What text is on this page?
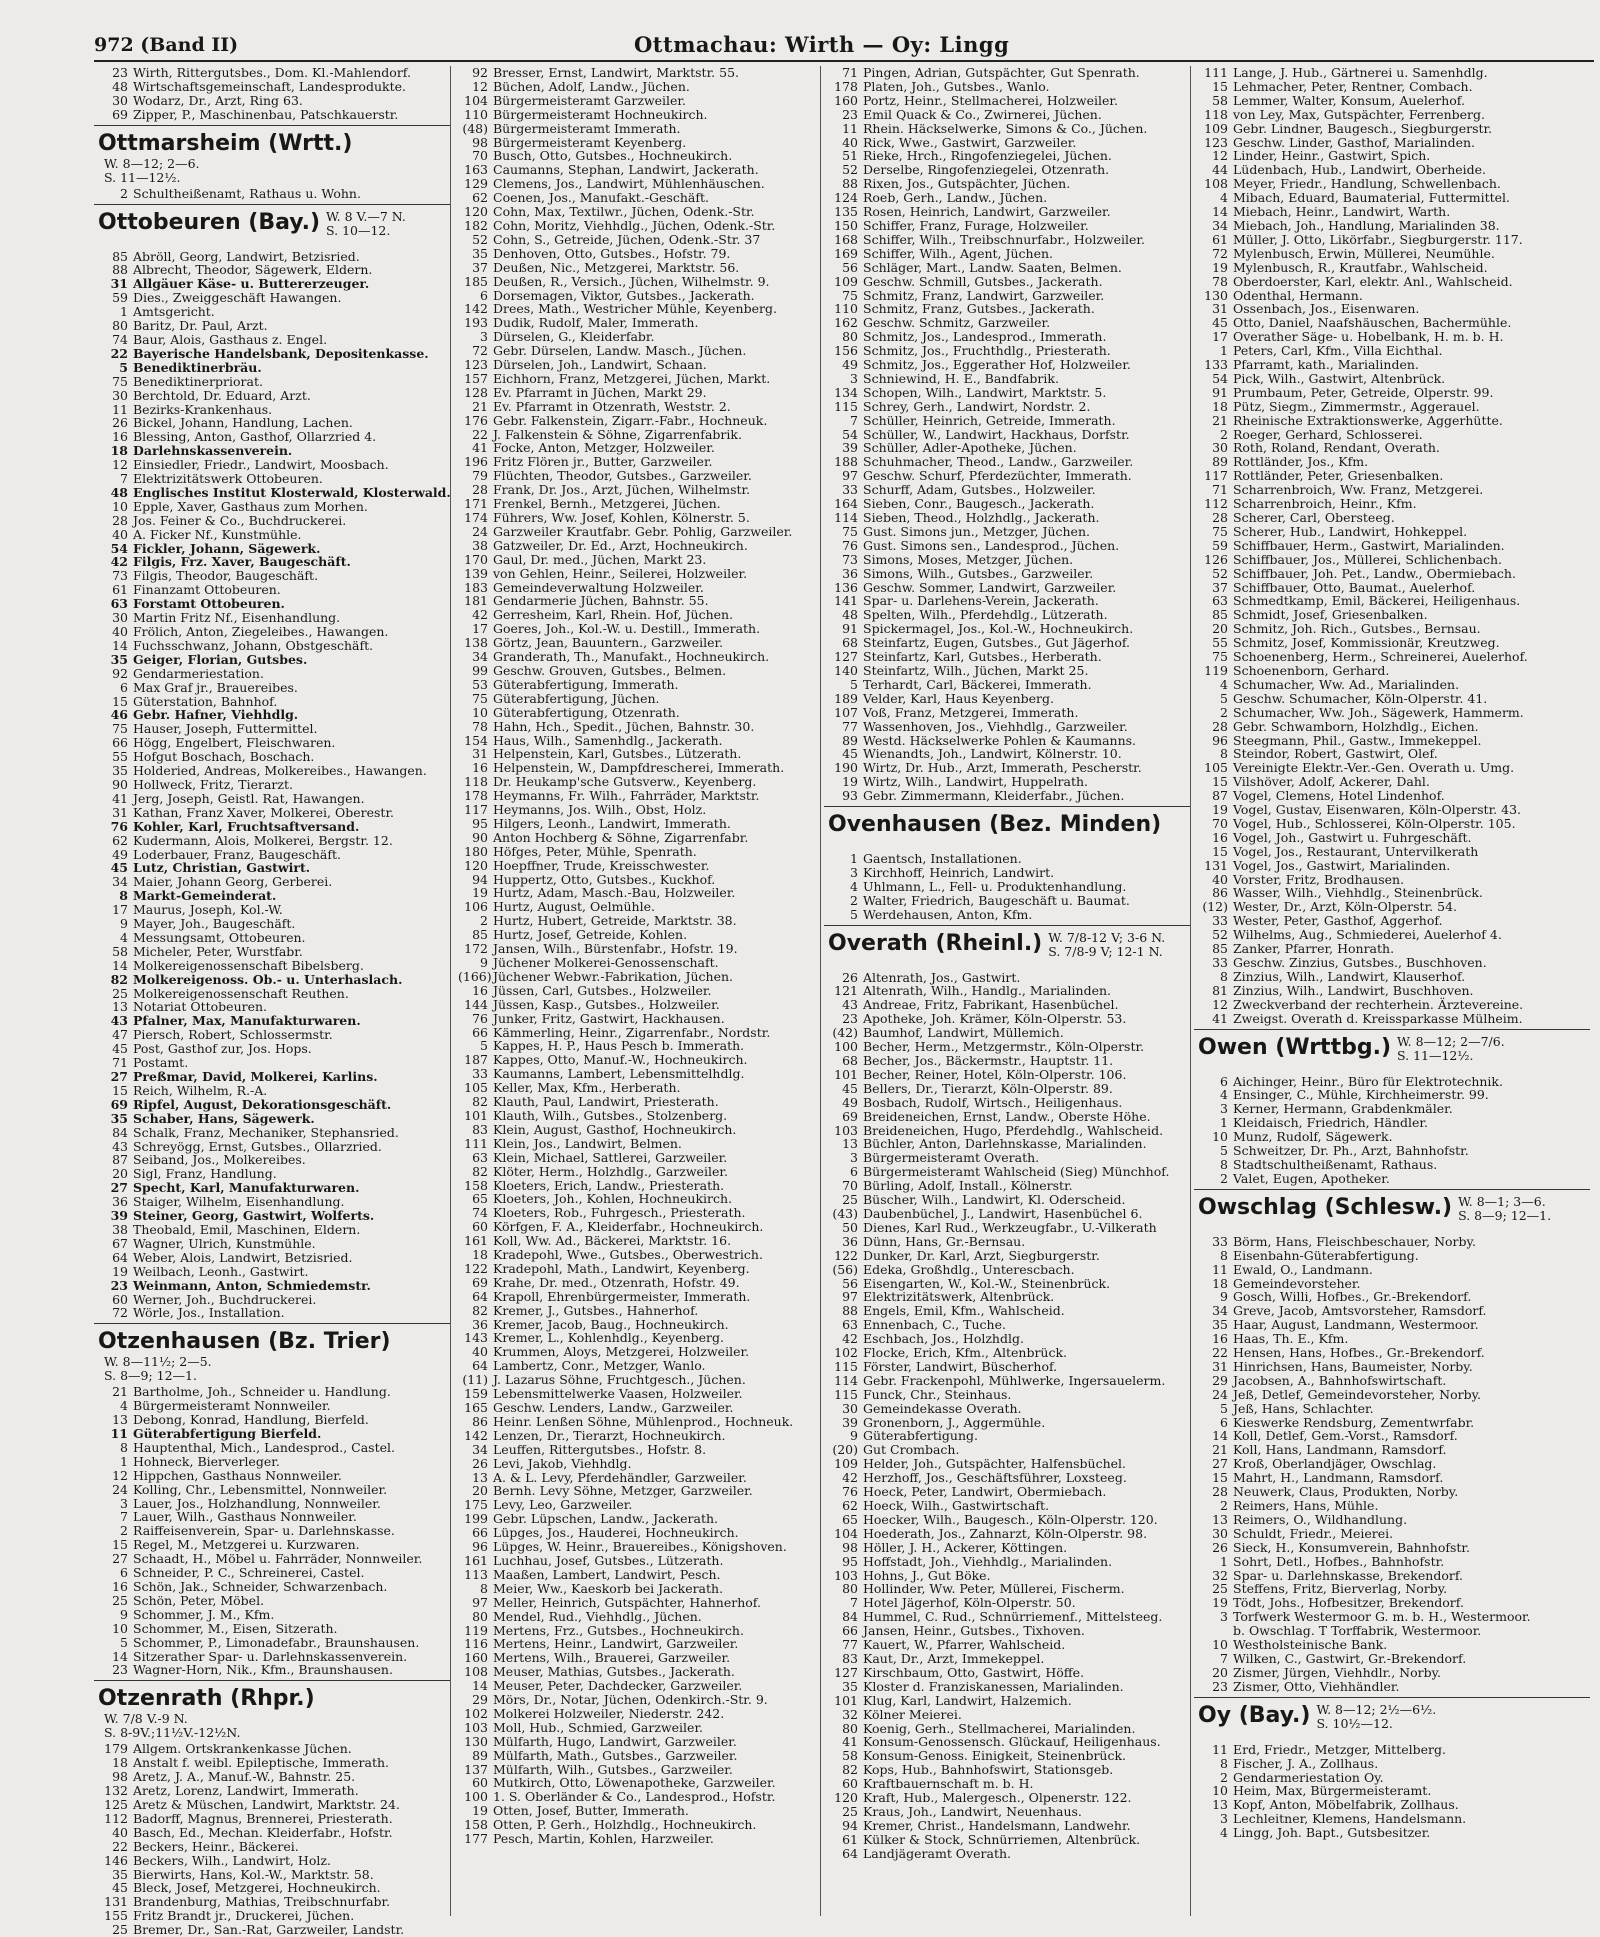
972 (Band II)	Ottmachau: Wirth — Oy: Lingg
23 Wirth, Rittergutsbes., Dom. Kl.-Mahlendorf.
48 Wirtschaftsgemeinschaft, Landesprodukte.
30 Wodarz, Dr., Arzt, Ring 63.
69 Zipper, P., Maschinenbau, Patschkauerstr.
Ottmarsheim (Wrtt.)
W. 8—12; 2—6.
S. 11—12½.
2 Schultheißenamt, Rathaus u. Wohn.
Ottobeuren (Bay.) W. 8 V.—7 N.
S. 10—12.
85 Abröll, Georg, Landwirt, Betzisried.
88 Albrecht, Theodor, Sägewerk, Eldern.
31 Allgäuer Käse- u. Buttererzeuger.
59 Dies., Zweiggeschäft Hawangen.
1 Amtsgericht.
80 Baritz, Dr. Paul, Arzt.
74 Baur, Alois, Gasthaus z. Engel.
22 Bayerische Handelsbank, Depositenkasse.
5 Benediktinerbräu.
75 Benediktinerpriorat.
30 Berchtold, Dr. Eduard, Arzt.
11 Bezirks-Krankenhaus.
26 Bickel, Johann, Handlung, Lachen.
16 Blessing, Anton, Gasthof, Ollarzried 4.
18 Darlehnskassenverein.
12 Einsiedler, Friedr., Landwirt, Moosbach.
7 Elektrizitätswerk Ottobeuren.
48 Englisches Institut Klosterwald, Klosterwald.
10 Epple, Xaver, Gasthaus zum Morhen.
28 Jos. Feiner & Co., Buchdruckerei.
40 A. Ficker Nf., Kunstmühle.
54 Fickler, Johann, Sägewerk.
42 Filgis, Frz. Xaver, Baugeschäft.
73 Filgis, Theodor, Baugeschäft.
61 Finanzamt Ottobeuren.
63 Forstamt Ottobeuren.
30 Martin Fritz Nf., Eisenhandlung.
40 Frölich, Anton, Ziegeleibes., Hawangen.
14 Fuchsschwanz, Johann, Obstgeschäft.
35 Geiger, Florian, Gutsbes.
92 Gendarmeriestation.
6 Max Graf jr., Brauereibes.
15 Güterstation, Bahnhof.
46 Gebr. Hafner, Viehhdlg.
75 Hauser, Joseph, Futtermittel.
66 Högg, Engelbert, Fleischwaren.
55 Hofgut Boschach, Boschach.
35 Holderied, Andreas, Molkereibes., Hawangen.
90 Hollweck, Fritz, Tierarzt.
41 Jerg, Joseph, Geistl. Rat, Hawangen.
31 Kathan, Franz Xaver, Molkerei, Oberestr.
76 Kohler, Karl, Fruchtsaftversand.
62 Kudermann, Alois, Molkerei, Bergstr. 12.
49 Loderbauer, Franz, Baugeschäft.
45 Lutz, Christian, Gastwirt.
34 Maier, Johann Georg, Gerberei.
8 Markt-Gemeinderat.
17 Maurus, Joseph, Kol.-W.
9 Mayer, Joh., Baugeschäft.
4 Messungsamt, Ottobeuren.
58 Micheler, Peter, Wurstfabr.
14 Molkereigenossenschaft Bibelsberg.
82 Molkereigenoss. Ob.- u. Unterhaslach.
25 Molkereigenossenschaft Reuthen.
13 Notariat Ottobeuren.
43 Pfalner, Max, Manufakturwaren.
47 Piersch, Robert, Schlossermstr.
45 Post, Gasthof zur, Jos. Hops.
71 Postamt.
27 Preßmar, David, Molkerei, Karlins.
15 Reich, Wilhelm, R.-A.
69 Ripfel, August, Dekorationsgeschäft.
35 Schaber, Hans, Sägewerk.
84 Schalk, Franz, Mechaniker, Stephansried.
43 Schreyögg, Ernst, Gutsbes., Ollarzried.
87 Seiband, Jos., Molkereibes.
20 Sigl, Franz, Handlung.
27 Specht, Karl, Manufakturwaren.
36 Staiger, Wilhelm, Eisenhandlung.
39 Steiner, Georg, Gastwirt, Wolferts.
38 Theobald, Emil, Maschinen, Eldern.
67 Wagner, Ulrich, Kunstmühle.
64 Weber, Alois, Landwirt, Betzisried.
19 Weilbach, Leonh., Gastwirt.
23 Weinmann, Anton, Schmiedemstr.
60 Werner, Joh., Buchdruckerei.
72 Wörle, Jos., Installation.
Otzenhausen (Bz. Trier)
W. 8—11½; 2—5.
S. 8—9; 12—1.
21 Bartholme, Joh., Schneider u. Handlung.
4 Bürgermeisteramt Nonnweiler.
13 Debong, Konrad, Handlung, Bierfeld.
11 Güterabfertigung Bierfeld.
8 Hauptenthal, Mich., Landesprod., Castel.
1 Hohneck, Bierverleger.
12 Hippchen, Gasthaus Nonnweiler.
24 Kolling, Chr., Lebensmittel, Nonnweiler.
3 Lauer, Jos., Holzhandlung, Nonnweiler.
7 Lauer, Wilh., Gasthaus Nonnweiler.
2 Raiffeisenverein, Spar- u. Darlehnskasse.
15 Regel, M., Metzgerei u. Kurzwaren.
27 Schaadt, H., Möbel u. Fahrräder, Nonnweiler.
6 Schneider, P. C., Schreinerei, Castel.
16 Schön, Jak., Schneider, Schwarzenbach.
25 Schön, Peter, Möbel.
9 Schommer, J. M., Kfm.
10 Schommer, M., Eisen, Sitzerath.
5 Schommer, P., Limonadefabr., Braunshausen.
14 Sitzerather Spar- u. Darlehnskassenverein.
23 Wagner-Horn, Nik., Kfm., Braunshausen.
Otzenrath (Rhpr.)
W. 7/8 V.-9 N.
S. 8-9V.;11½V.-12½N.
179 Allgem. Ortskrankenkasse Jüchen.
18 Anstalt f. weibl. Epileptische, Immerath.
98 Aretz, J. A., Manuf.-W., Bahnstr. 25.
132 Aretz, Lorenz, Landwirt, Immerath.
125 Aretz & Müschen, Landwirt, Marktstr. 24.
112 Badorff, Magnus, Brennerei, Priesterath.
40 Basch, Ed., Mechan. Kleiderfabr., Hofstr.
22 Beckers, Heinr., Bäckerei.
146 Beckers, Wilh., Landwirt, Holz.
35 Bierwirts, Hans, Kol.-W., Marktstr. 58.
45 Bleck, Josef, Metzgerei, Hochneukirch.
131 Brandenburg, Mathias, Treibschnurfabr.
155 Fritz Brandt jr., Druckerei, Jüchen.
25 Bremer, Dr., San.-Rat, Garzweiler, Landstr.
92 Bresser, Ernst, Landwirt, Marktstr. 55.
12 Büchen, Adolf, Landw., Jüchen.
104 Bürgermeisteramt Garzweiler.
110 Bürgermeisteramt Hochneukirch.
(48) Bürgermeisteramt Immerath.
98 Bürgermeisteramt Keyenberg.
70 Busch, Otto, Gutsbes., Hochneukirch.
163 Caumanns, Stephan, Landwirt, Jackerath.
129 Clemens, Jos., Landwirt, Mühlenhäuschen.
62 Coenen, Jos., Manufakt.-Geschäft.
120 Cohn, Max, Textilwr., Jüchen, Odenk.-Str.
182 Cohn, Moritz, Viehhdlg., Jüchen, Odenk.-Str.
52 Cohn, S., Getreide, Jüchen, Odenk.-Str. 37
35 Denhoven, Otto, Gutsbes., Hofstr. 79.
37 Deußen, Nic., Metzgerei, Marktstr. 56.
185 Deußen, R., Versich., Jüchen, Wilhelmstr. 9.
6 Dorsemagen, Viktor, Gutsbes., Jackerath.
142 Drees, Math., Westricher Mühle, Keyenberg.
193 Dudik, Rudolf, Maler, Immerath.
3 Dürselen, G., Kleiderfabr.
72 Gebr. Dürselen, Landw. Masch., Jüchen.
123 Dürselen, Joh., Landwirt, Schaan.
157 Eichhorn, Franz, Metzgerei, Jüchen, Markt.
128 Ev. Pfarramt in Jüchen, Markt 29.
21 Ev. Pfarramt in Otzenrath, Weststr. 2.
176 Gebr. Falkenstein, Zigarr.-Fabr., Hochneuk.
22 J. Falkenstein & Söhne, Zigarrenfabrik.
41 Focke, Anton, Metzger, Holzweiler.
196 Fritz Flören jr., Butter, Garzweiler.
79 Flüchten, Theodor, Gutsbes., Garzweiler.
28 Frank, Dr. Jos., Arzt, Jüchen, Wilhelmstr.
171 Frenkel, Bernh., Metzgerei, Jüchen.
174 Führers, Ww. Josef, Kohlen, Kölnerstr. 5.
24 Garzweiler Krautfabr. Gebr. Pohlig, Garzweiler.
38 Gatzweiler, Dr. Ed., Arzt, Hochneukirch.
170 Gaul, Dr. med., Jüchen, Markt 23.
139 von Gehlen, Heinr., Seilerei, Holzweiler.
183 Gemeindeverwaltung Holzweiler.
181 Gendarmerie Jüchen, Bahnstr. 55.
42 Gerresheim, Karl, Rhein. Hof, Jüchen.
17 Goeres, Joh., Kol.-W. u. Destill., Immerath.
138 Görtz, Jean, Bauuntern., Garzweiler.
34 Granderath, Th., Manufakt., Hochneukirch.
99 Geschw. Grouven, Gutsbes., Belmen.
53 Güterabfertigung, Immerath.
75 Güterabfertigung, Jüchen.
10 Güterabfertigung, Otzenrath.
78 Hahn, Hch., Spedit., Jüchen, Bahnstr. 30.
154 Haus, Wilh., Samenhdlg., Jackerath.
31 Helpenstein, Karl, Gutsbes., Lützerath.
16 Helpenstein, W., Dampfdrescherei, Immerath.
118 Dr. Heukamp'sche Gutsverw., Keyenberg.
178 Heymanns, Fr. Wilh., Fahrräder, Marktstr.
117 Heymanns, Jos. Wilh., Obst, Holz.
95 Hilgers, Leonh., Landwirt, Immerath.
90 Anton Hochberg & Söhne, Zigarrenfabr.
180 Höfges, Peter, Mühle, Spenrath.
120 Hoepffner, Trude, Kreisschwester.
94 Huppertz, Otto, Gutsbes., Kuckhof.
19 Hurtz, Adam, Masch.-Bau, Holzweiler.
106 Hurtz, August, Oelmühle.
2 Hurtz, Hubert, Getreide, Marktstr. 38.
85 Hurtz, Josef, Getreide, Kohlen.
172 Jansen, Wilh., Bürstenfabr., Hofstr. 19.
9 Jüchener Molkerei-Genossenschaft.
(166)Jüchener Webwr.-Fabrikation, Jüchen.
16 Jüssen, Carl, Gutsbes., Holzweiler.
144 Jüssen, Kasp., Gutsbes., Holzweiler.
76 Junker, Fritz, Gastwirt, Hackhausen.
66 Kämmerling, Heinr., Zigarrenfabr., Nordstr.
5 Kappes, H. P., Haus Pesch b. Immerath.
187 Kappes, Otto, Manuf.-W., Hochneukirch.
33 Kaumanns, Lambert, Lebensmittelhdlg.
105 Keller, Max, Kfm., Herberath.
82 Klauth, Paul, Landwirt, Priesterath.
101 Klauth, Wilh., Gutsbes., Stolzenberg.
83 Klein, August, Gasthof, Hochneukirch.
111 Klein, Jos., Landwirt, Belmen.
63 Klein, Michael, Sattlerei, Garzweiler.
82 Klöter, Herm., Holzhdlg., Garzweiler.
158 Kloeters, Erich, Landw., Priesterath.
65 Kloeters, Joh., Kohlen, Hochneukirch.
74 Kloeters, Rob., Fuhrgesch., Priesterath.
60 Körfgen, F. A., Kleiderfabr., Hochneukirch.
161 Koll, Ww. Ad., Bäckerei, Marktstr. 16.
18 Kradepohl, Wwe., Gutsbes., Oberwestrich.
122 Kradepohl, Math., Landwirt, Keyenberg.
69 Krahe, Dr. med., Otzenrath, Hofstr. 49.
64 Krapoll, Ehrenbürgermeister, Immerath.
82 Kremer, J., Gutsbes., Hahnerhof.
36 Kremer, Jacob, Baug., Hochneukirch.
143 Kremer, L., Kohlenhdlg., Keyenberg.
40 Krummen, Aloys, Metzgerei, Holzweiler.
64 Lambertz, Conr., Metzger, Wanlo.
(11) J. Lazarus Söhne, Fruchtgesch., Jüchen.
159 Lebensmittelwerke Vaasen, Holzweiler.
165 Geschw. Lenders, Landw., Garzweiler.
86 Heinr. Lenßen Söhne, Mühlenprod., Hochneuk.
142 Lenzen, Dr., Tierarzt, Hochneukirch.
34 Leuffen, Rittergutsbes., Hofstr. 8.
26 Levi, Jakob, Viehhdlg.
13 A. & L. Levy, Pferdehändler, Garzweiler.
20 Bernh. Levy Söhne, Metzger, Garzweiler.
175 Levy, Leo, Garzweiler.
199 Gebr. Lüpschen, Landw., Jackerath.
66 Lüpges, Jos., Hauderei, Hochneukirch.
96 Lüpges, W. Heinr., Brauereibes., Königshoven.
161 Luchhau, Josef, Gutsbes., Lützerath.
113 Maaßen, Lambert, Landwirt, Pesch.
8 Meier, Ww., Kaeskorb bei Jackerath.
97 Meller, Heinrich, Gutspächter, Hahnerhof.
80 Mendel, Rud., Viehhdlg., Jüchen.
119 Mertens, Frz., Gutsbes., Hochneukirch.
116 Mertens, Heinr., Landwirt, Garzweiler.
160 Mertens, Wilh., Brauerei, Garzweiler.
108 Meuser, Mathias, Gutsbes., Jackerath.
14 Meuser, Peter, Dachdecker, Garzweiler.
29 Mörs, Dr., Notar, Jüchen, Odenkirch.-Str. 9.
102 Molkerei Holzweiler, Niederstr. 242.
103 Moll, Hub., Schmied, Garzweiler.
130 Mülfarth, Hugo, Landwirt, Garzweiler.
89 Mülfarth, Math., Gutsbes., Garzweiler.
137 Mülfarth, Wilh., Gutsbes., Garzweiler.
60 Mutkirch, Otto, Löwenapotheke, Garzweiler.
100 1. S. Oberländer & Co., Landesprod., Hofstr.
19 Otten, Josef, Butter, Immerath.
158 Otten, P. Gerh., Holzhdlg., Hochneukirch.
177 Pesch, Martin, Kohlen, Harzweiler.
71 Pingen, Adrian, Gutspächter, Gut Spenrath.
178 Platen, Joh., Gutsbes., Wanlo.
160 Portz, Heinr., Stellmacherei, Holzweiler.
23 Emil Quack & Co., Zwirnerei, Jüchen.
11 Rhein. Häckselwerke, Simons & Co., Jüchen.
40 Rick, Wwe., Gastwirt, Garzweiler.
51 Rieke, Hrch., Ringofenziegelei, Jüchen.
52 Derselbe, Ringofenziegelei, Otzenrath.
88 Rixen, Jos., Gutspächter, Jüchen.
124 Roeb, Gerh., Landw., Jüchen.
135 Rosen, Heinrich, Landwirt, Garzweiler.
150 Schiffer, Franz, Furage, Holzweiler.
168 Schiffer, Wilh., Treibschnurfabr., Holzweiler.
169 Schiffer, Wilh., Agent, Jüchen.
56 Schläger, Mart., Landw. Saaten, Belmen.
109 Geschw. Schmill, Gutsbes., Jackerath.
75 Schmitz, Franz, Landwirt, Garzweiler.
110 Schmitz, Franz, Gutsbes., Jackerath.
162 Geschw. Schmitz, Garzweiler.
80 Schmitz, Jos., Landesprod., Immerath.
156 Schmitz, Jos., Fruchthdlg., Priesterath.
49 Schmitz, Jos., Eggerather Hof, Holzweiler.
3 Schniewind, H. E., Bandfabrik.
134 Schopen, Wilh., Landwirt, Marktstr. 5.
115 Schrey, Gerh., Landwirt, Nordstr. 2.
7 Schüller, Heinrich, Getreide, Immerath.
54 Schüller, W., Landwirt, Hackhaus, Dorfstr.
39 Schüller, Adler-Apotheke, Jüchen.
188 Schuhmacher, Theod., Landw., Garzweiler.
97 Geschw. Schurf, Pferdezüchter, Immerath.
33 Schurff, Adam, Gutsbes., Holzweiler.
164 Sieben, Conr., Baugesch., Jackerath.
114 Sieben, Theod., Holzhdlg., Jackerath.
75 Gust. Simons jun., Metzger, Jüchen.
76 Gust. Simons sen., Landesprod., Jüchen.
73 Simons, Moses, Metzger, Jüchen.
36 Simons, Wilh., Gutsbes., Garzweiler.
136 Geschw. Sommer, Landwirt, Garzweiler.
141 Spar- u. Darlehens-Verein, Jackerath.
48 Spelten, Wilh., Pferdehdlg., Lützerath.
91 Spickermagel, Jos., Kol.-W., Hochneukirch.
68 Steinfartz, Eugen, Gutsbes., Gut Jägerhof.
127 Steinfartz, Karl, Gutsbes., Herberath.
140 Steinfartz, Wilh., Jüchen, Markt 25.
5 Terhardt, Carl, Bäckerei, Immerath.
189 Velder, Karl, Haus Keyenberg.
107 Voß, Franz, Metzgerei, Immerath.
77 Wassenhoven, Jos., Viehhdlg., Garzweiler.
89 Westd. Häckselwerke Pohlen & Kaumanns.
45 Wienandts, Joh., Landwirt, Kölnerstr. 10.
190 Wirtz, Dr. Hub., Arzt, Immerath, Pescherstr.
19 Wirtz, Wilh., Landwirt, Huppelrath.
93 Gebr. Zimmermann, Kleiderfabr., Jüchen.
Ovenhausen (Bez. Minden)
1 Gaentsch, Installationen.
3 Kirchhoff, Heinrich, Landwirt.
4 Uhlmann, L., Fell- u. Produktenhandlung.
2 Walter, Friedrich, Baugeschäft u. Baumat.
5 Werdehausen, Anton, Kfm.
Overath (Rheinl.) W. 7/8-12 V; 3-6 N.
S. 7/8-9 V; 12-1 N.
26 Altenrath, Jos., Gastwirt.
121 Altenrath, Wilh., Handlg., Marialinden.
43 Andreae, Fritz, Fabrikant, Hasenbüchel.
23 Apotheke, Joh. Krämer, Köln-Olperstr. 53.
(42) Baumhof, Landwirt, Müllemich.
100 Becher, Herm., Metzgermstr., Köln-Olperstr.
68 Becher, Jos., Bäckermstr., Hauptstr. 11.
101 Becher, Reiner, Hotel, Köln-Olperstr. 106.
45 Bellers, Dr., Tierarzt, Köln-Olperstr. 89.
49 Bosbach, Rudolf, Wirtsch., Heiligenhaus.
69 Breideneichen, Ernst, Landw., Oberste Höhe.
103 Breideneichen, Hugo, Pferdehdlg., Wahlscheid.
13 Büchler, Anton, Darlehnskasse, Marialinden.
3 Bürgermeisteramt Overath.
6 Bürgermeisteramt Wahlscheid (Sieg) Münchhof.
70 Bürling, Adolf, Install., Kölnerstr.
25 Büscher, Wilh., Landwirt, Kl. Oderscheid.
(43) Daubenbüchel, J., Landwirt, Hasenbüchel 6.
50 Dienes, Karl Rud., Werkzeugfabr., U.-Vilkerath
36 Dünn, Hans, Gr.-Bernsau.
122 Dunker, Dr. Karl, Arzt, Siegburgerstr.
(56) Edeka, Großhdlg., Unterescbach.
56 Eisengarten, W., Kol.-W., Steinenbrück.
97 Elektrizitätswerk, Altenbrück.
88 Engels, Emil, Kfm., Wahlscheid.
63 Ennenbach, C., Tuche.
42 Eschbach, Jos., Holzhdlg.
102 Flocke, Erich, Kfm., Altenbrück.
115 Förster, Landwirt, Büscherhof.
114 Gebr. Frackenpohl, Mühlwerke, Ingersauelerm.
115 Funck, Chr., Steinhaus.
30 Gemeindekasse Overath.
39 Gronenborn, J., Aggermühle.
9 Güterabfertigung.
(20) Gut Crombach.
109 Helder, Joh., Gutspächter, Halfensbüchel.
42 Herzhoff, Jos., Geschäftsführer, Loxsteeg.
76 Hoeck, Peter, Landwirt, Obermiebach.
62 Hoeck, Wilh., Gastwirtschaft.
65 Hoecker, Wilh., Baugesch., Köln-Olperstr. 120.
104 Hoederath, Jos., Zahnarzt, Köln-Olperstr. 98.
98 Höller, J. H., Ackerer, Köttingen.
95 Hoffstadt, Joh., Viehhdlg., Marialinden.
103 Hohns, J., Gut Böke.
80 Hollinder, Ww. Peter, Müllerei, Fischerm.
7 Hotel Jägerhof, Köln-Olperstr. 50.
84 Hummel, C. Rud., Schnürriemenf., Mittelsteeg.
66 Jansen, Heinr., Gutsbes., Tixhoven.
77 Kauert, W., Pfarrer, Wahlscheid.
83 Kaut, Dr., Arzt, Immekeppel.
127 Kirschbaum, Otto, Gastwirt, Höffe.
35 Kloster d. Franziskanessen, Marialinden.
101 Klug, Karl, Landwirt, Halzemich.
32 Kölner Meierei.
80 Koenig, Gerh., Stellmacherei, Marialinden.
41 Konsum-Genossensch. Glückauf, Heiligenhaus.
58 Konsum-Genoss. Einigkeit, Steinenbrück.
82 Kops, Hub., Bahnhofswirt, Stationsgeb.
60 Kraftbauernschaft m. b. H.
120 Kraft, Hub., Malergesch., Olpenerstr. 122.
25 Kraus, Joh., Landwirt, Neuenhaus.
94 Kremer, Christ., Handelsmann, Landwehr.
61 Külker & Stock, Schnürriemen, Altenbrück.
64 Landjägeramt Overath.
111 Lange, J. Hub., Gärtnerei u. Samenhdlg.
15 Lehmacher, Peter, Rentner, Combach.
58 Lemmer, Walter, Konsum, Auelerhof.
118 von Ley, Max, Gutspächter, Ferrenberg.
109 Gebr. Lindner, Baugesch., Siegburgerstr.
123 Geschw. Linder, Gasthof, Marialinden.
12 Linder, Heinr., Gastwirt, Spich.
44 Lüdenbach, Hub., Landwirt, Oberheide.
108 Meyer, Friedr., Handlung, Schwellenbach.
4 Mibach, Eduard, Baumaterial, Futtermittel.
14 Miebach, Heinr., Landwirt, Warth.
34 Miebach, Joh., Handlung, Marialinden 38.
61 Müller, J. Otto, Likörfabr., Siegburgerstr. 117.
72 Mylenbusch, Erwin, Müllerei, Neumühle.
19 Mylenbusch, R., Krautfabr., Wahlscheid.
78 Oberdoerster, Karl, elektr. Anl., Wahlscheid.
130 Odenthal, Hermann.
31 Ossenbach, Jos., Eisenwaren.
45 Otto, Daniel, Naafshäuschen, Bachermühle.
17 Overather Säge- u. Hobelbank, H. m. b. H.
1 Peters, Carl, Kfm., Villa Eichthal.
133 Pfarramt, kath., Marialinden.
54 Pick, Wilh., Gastwirt, Altenbrück.
91 Prumbaum, Peter, Getreide, Olperstr. 99.
18 Pütz, Siegm., Zimmermstr., Aggerauel.
21 Rheinische Extraktionswerke, Aggerhütte.
2 Roeger, Gerhard, Schlosserei.
30 Roth, Roland, Rendant, Overath.
89 Rottländer, Jos., Kfm.
117 Rottländer, Peter, Griesenbalken.
71 Scharrenbroich, Ww. Franz, Metzgerei.
112 Scharrenbroich, Heinr., Kfm.
28 Scherer, Carl, Obersteeg.
75 Scherer, Hub., Landwirt, Hohkeppel.
59 Schiffbauer, Herm., Gastwirt, Marialinden.
126 Schiffbauer, Jos., Müllerei, Schlichenbach.
52 Schiffbauer, Joh. Pet., Landw., Obermiebach.
37 Schiffbauer, Otto, Baumat., Auelerhof.
63 Schmedtkamp, Emil, Bäckerei, Heiligenhaus.
85 Schmidt, Josef, Griesenbalken.
20 Schmitz, Joh. Rich., Gutsbes., Bernsau.
55 Schmitz, Josef, Kommissionär, Kreutzweg.
75 Schoenenberg, Herm., Schreinerei, Auelerhof.
119 Schoenenborn, Gerhard.
4 Schumacher, Ww. Ad., Marialinden.
5 Geschw. Schumacher, Köln-Olperstr. 41.
2 Schumacher, Ww. Joh., Sägewerk, Hammerm.
28 Gebr. Schwamborn, Holzhdlg., Eichen.
96 Steegmann, Phil., Gastw., Immekeppel.
8 Steindor, Robert, Gastwirt, Olef.
105 Vereinigte Elektr.-Ver.-Gen. Overath u. Umg.
15 Vilshöver, Adolf, Ackerer, Dahl.
87 Vogel, Clemens, Hotel Lindenhof.
19 Vogel, Gustav, Eisenwaren, Köln-Olperstr. 43.
70 Vogel, Hub., Schlosserei, Köln-Olperstr. 105.
16 Vogel, Joh., Gastwirt u. Fuhrgeschäft.
15 Vogel, Jos., Restaurant, Untervilkerath
131 Vogel, Jos., Gastwirt, Marialinden.
40 Vorster, Fritz, Brodhausen.
86 Wasser, Wilh., Viehhdlg., Steinenbrück.
(12) Wester, Dr., Arzt, Köln-Olperstr. 54.
33 Wester, Peter, Gasthof, Aggerhof.
52 Wilhelms, Aug., Schmiederei, Auelerhof 4.
85 Zanker, Pfarrer, Honrath.
33 Geschw. Zinzius, Gutsbes., Buschhoven.
8 Zinzius, Wilh., Landwirt, Klauserhof.
81 Zinzius, Wilh., Landwirt, Buschhoven.
12 Zweckverband der rechterhein. Ärztevereine.
41 Zweigst. Overath d. Kreissparkasse Mülheim.
Owen (Wrttbg.) W. 8—12; 2—7/6.
S. 11—12½.
6 Aichinger, Heinr., Büro für Elektrotechnik.
4 Ensinger, C., Mühle, Kirchheimerstr. 99.
3 Kerner, Hermann, Grabdenkmäler.
1 Kleidaisch, Friedrich, Händler.
10 Munz, Rudolf, Sägewerk.
5 Schweitzer, Dr. Ph., Arzt, Bahnhofstr.
8 Stadtschultheißenamt, Rathaus.
2 Valet, Eugen, Apotheker.
Owschlag (Schlesw.) W. 8—1; 3—6.
S. 8—9; 12—1.
33 Börm, Hans, Fleischbeschauer, Norby.
8 Eisenbahn-Güterabfertigung.
11 Ewald, O., Landmann.
18 Gemeindevorsteher.
9 Gosch, Willi, Hofbes., Gr.-Brekendorf.
34 Greve, Jacob, Amtsvorsteher, Ramsdorf.
35 Haar, August, Landmann, Westermoor.
16 Haas, Th. E., Kfm.
22 Hensen, Hans, Hofbes., Gr.-Brekendorf.
31 Hinrichsen, Hans, Baumeister, Norby.
29 Jacobsen, A., Bahnhofswirtschaft.
24 Jeß, Detlef, Gemeindevorsteher, Norby.
5 Jeß, Hans, Schlachter.
6 Kieswerke Rendsburg, Zementwrfabr.
14 Koll, Detlef, Gem.-Vorst., Ramsdorf.
21 Koll, Hans, Landmann, Ramsdorf.
27 Kroß, Oberlandjäger, Owschlag.
15 Mahrt, H., Landmann, Ramsdorf.
28 Neuwerk, Claus, Produkten, Norby.
2 Reimers, Hans, Mühle.
13 Reimers, O., Wildhandlung.
30 Schuldt, Friedr., Meierei.
26 Sieck, H., Konsumverein, Bahnhofstr.
1 Sohrt, Detl., Hofbes., Bahnhofstr.
32 Spar- u. Darlehnskasse, Brekendorf.
25 Steffens, Fritz, Bierverlag, Norby.
19 Tödt, Johs., Hofbesitzer, Brekendorf.
3 Torfwerk Westermoor G. m. b. H., Westermoor.
b. Owschlag. T Torffabrik, Westermoor.
10 Westholsteinische Bank.
7 Wilken, C., Gastwirt, Gr.-Brekendorf.
20 Zismer, Jürgen, Viehhdlr., Norby.
23 Zismer, Otto, Viehhändler.
Oy (Bay.) W. 8—12; 2½—6½.
S. 10½—12.
11 Erd, Friedr., Metzger, Mittelberg.
8 Fischer, J. A., Zollhaus.
2 Gendarmeriestation Oy.
10 Heim, Max, Bürgermeisteramt.
13 Kopf, Anton, Möbelfabrik, Zollhaus.
3 Lechleitner, Klemens, Handelsmann.
4 Lingg, Joh. Bapt., Gutsbesitzer.
